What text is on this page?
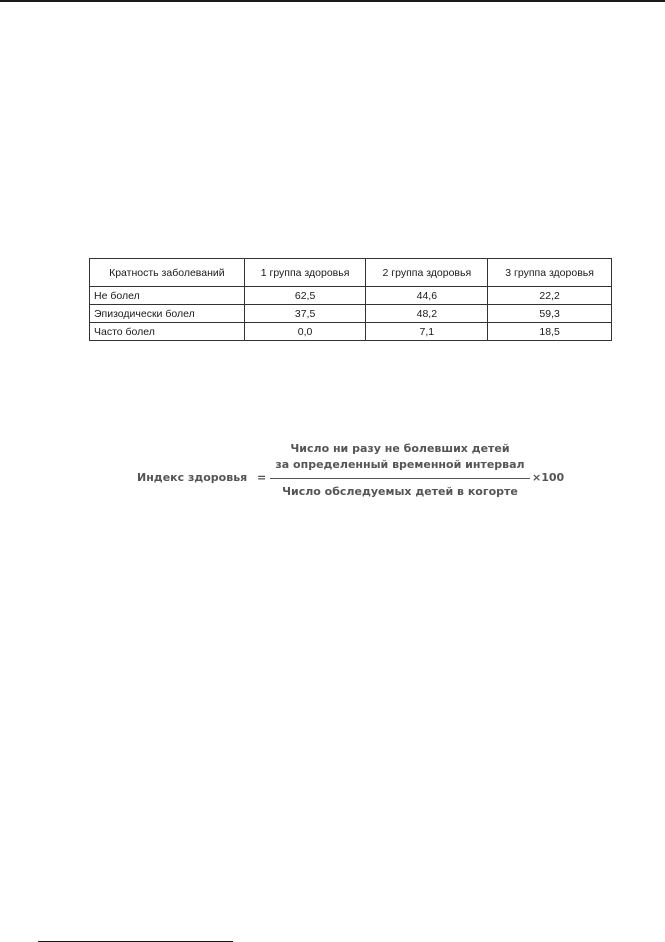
Кратность заболеваний	1 группа здоровья	2 группа здоровья	3 группа здоровья
Не болел	62,5	44,6	22,2
Эпизодически болел	37,5	48,2	59,3
Часто болел	0,0	7,1	18,5
Индекс здоровья =
Число ни разу не болевших детей
за определенный временной интервал
Число обследуемых детей в когорте
×100
